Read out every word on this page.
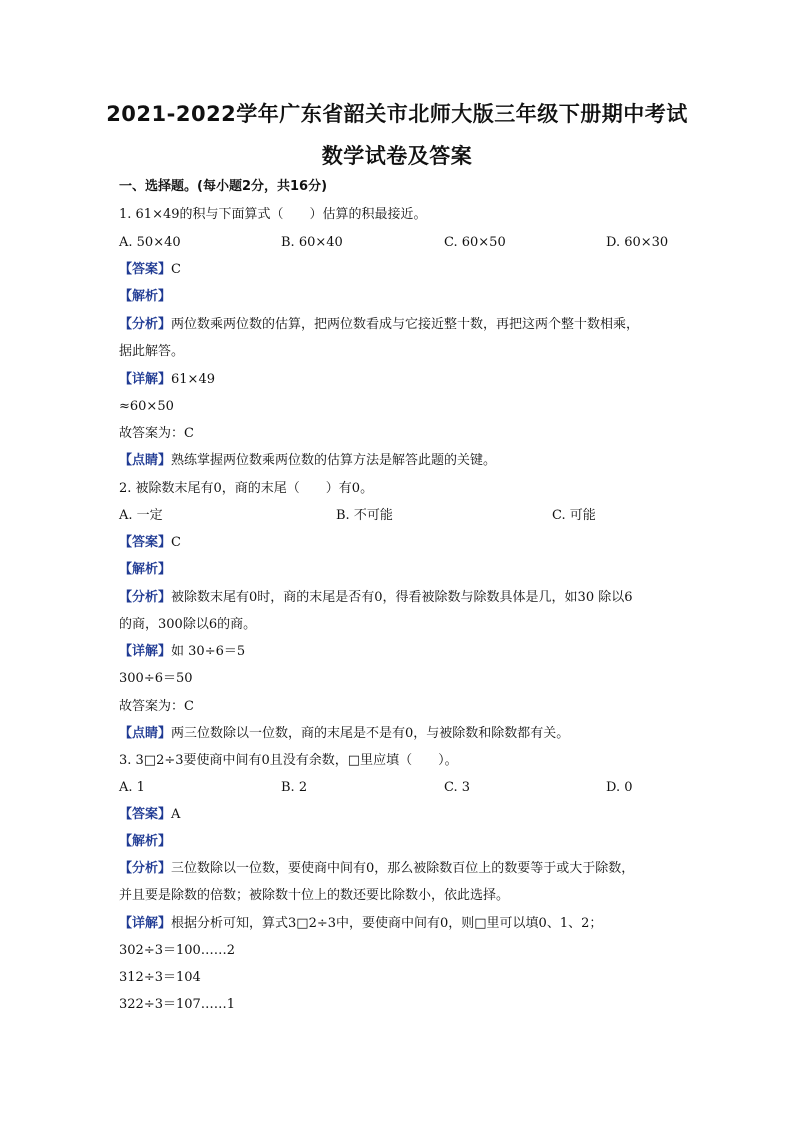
2021-2022学年广东省韶关市北师大版三年级下册期中考试
数学试卷及答案
一、选择题。(每小题2分，共16分)
1. 61×49的积与下面算式（　　）估算的积最接近。
A. 50×40	B. 60×40	C. 60×50	D. 60×30
【答案】C
【解析】
【分析】两位数乘两位数的估算，把两位数看成与它接近整十数，再把这两个整十数相乘，
据此解答。
【详解】61×49
≈60×50
故答案为：C
【点睛】熟练掌握两位数乘两位数的估算方法是解答此题的关键。
2. 被除数末尾有0，商的末尾（　　）有0。
A. 一定	B. 不可能	C. 可能
【答案】C
【解析】
【分析】被除数末尾有0时，商的末尾是否有0，得看被除数与除数具体是几，如30 除以6
的商，300除以6的商。
【详解】如 30÷6＝5
300÷6＝50
故答案为：C
【点睛】两三位数除以一位数，商的末尾是不是有0，与被除数和除数都有关。
3. 3□2÷3要使商中间有0且没有余数，□里应填（　　）。
A. 1	B. 2	C. 3	D. 0
【答案】A
【解析】
【分析】三位数除以一位数，要使商中间有0，那么被除数百位上的数要等于或大于除数，
并且要是除数的倍数；被除数十位上的数还要比除数小，依此选择。
【详解】根据分析可知，算式3□2÷3中，要使商中间有0，则□里可以填0、1、2；
302÷3＝100……2
312÷3＝104
322÷3＝107……1
